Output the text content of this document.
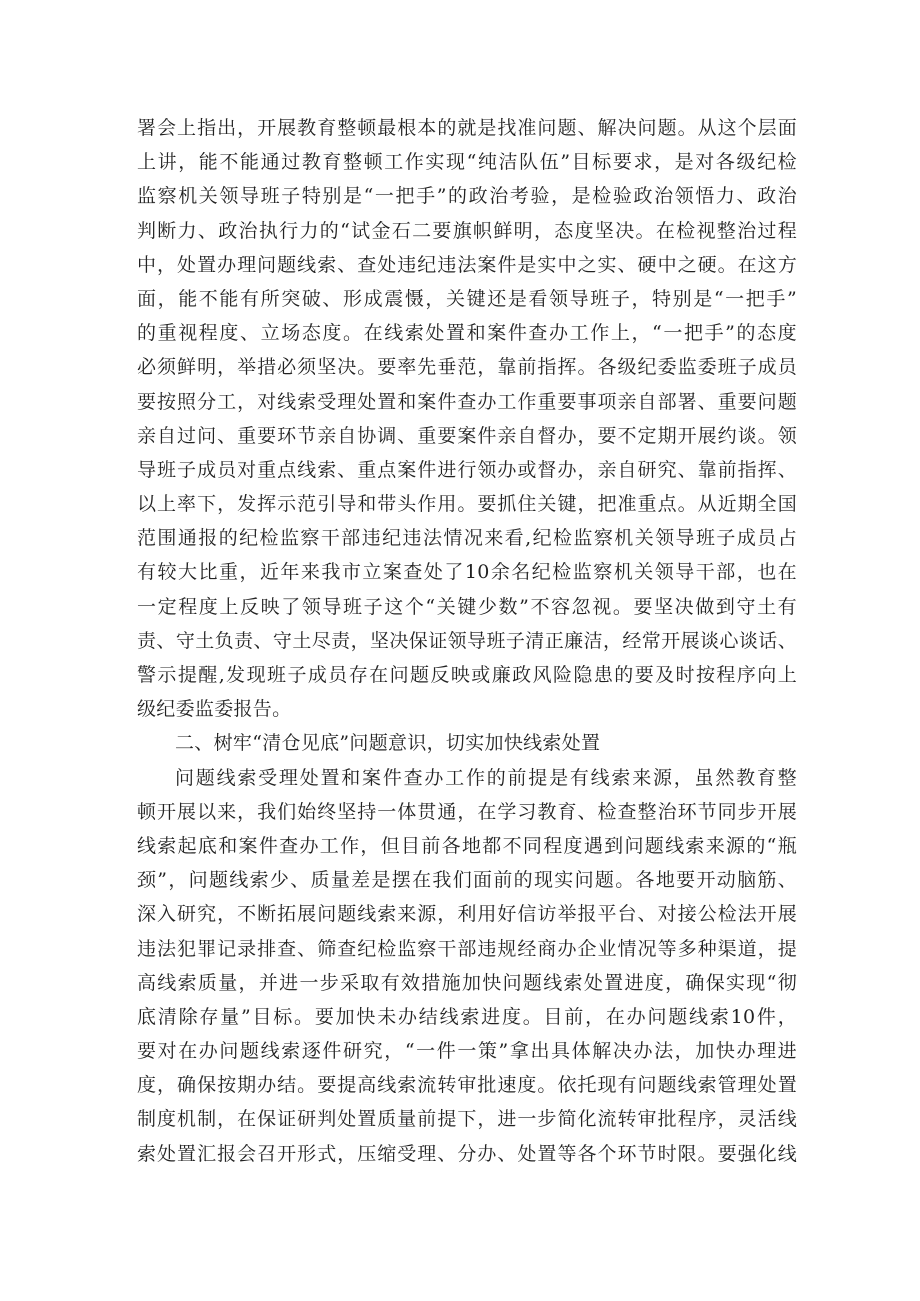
署会上指出，开展教育整顿最根本的就是找准问题、解决问题。从这个层面
上讲，能不能通过教育整顿工作实现“纯洁队伍”目标要求，是对各级纪检
监察机关领导班子特别是“一把手”的政治考验，是检验政治领悟力、政治
判断力、政治执行力的“试金石二要旗帜鲜明，态度坚决。在检视整治过程
中，处置办理问题线索、查处违纪违法案件是实中之实、硬中之硬。在这方
面，能不能有所突破、形成震慑，关键还是看领导班子，特别是“一把手”
的重视程度、立场态度。在线索处置和案件查办工作上，“一把手”的态度
必须鲜明，举措必须坚决。要率先垂范，靠前指挥。各级纪委监委班子成员
要按照分工，对线索受理处置和案件查办工作重要事项亲自部署、重要问题
亲自过问、重要环节亲自协调、重要案件亲自督办，要不定期开展约谈。领
导班子成员对重点线索、重点案件进行领办或督办，亲自研究、靠前指挥、
以上率下，发挥示范引导和带头作用。要抓住关键，把准重点。从近期全国
范围通报的纪检监察干部违纪违法情况来看,纪检监察机关领导班子成员占
有较大比重，近年来我市立案查处了10余名纪检监察机关领导干部，也在
一定程度上反映了领导班子这个“关键少数”不容忽视。要坚决做到守土有
责、守土负责、守土尽责，坚决保证领导班子清正廉洁，经常开展谈心谈话、
警示提醒,发现班子成员存在问题反映或廉政风险隐患的要及时按程序向上
级纪委监委报告。
二、树牢“清仓见底”问题意识，切实加快线索处置
问题线索受理处置和案件查办工作的前提是有线索来源，虽然教育整
顿开展以来，我们始终坚持一体贯通，在学习教育、检查整治环节同步开展
线索起底和案件查办工作，但目前各地都不同程度遇到问题线索来源的“瓶
颈”，问题线索少、质量差是摆在我们面前的现实问题。各地要开动脑筋、
深入研究，不断拓展问题线索来源，利用好信访举报平台、对接公检法开展
违法犯罪记录排查、筛查纪检监察干部违规经商办企业情况等多种渠道，提
高线索质量，并进一步采取有效措施加快问题线索处置进度，确保实现“彻
底清除存量”目标。要加快未办结线索进度。目前，在办问题线索10件，
要对在办问题线索逐件研究，“一件一策”拿出具体解决办法，加快办理进
度，确保按期办结。要提高线索流转审批速度。依托现有问题线索管理处置
制度机制，在保证研判处置质量前提下，进一步简化流转审批程序，灵活线
索处置汇报会召开形式，压缩受理、分办、处置等各个环节时限。要强化线
